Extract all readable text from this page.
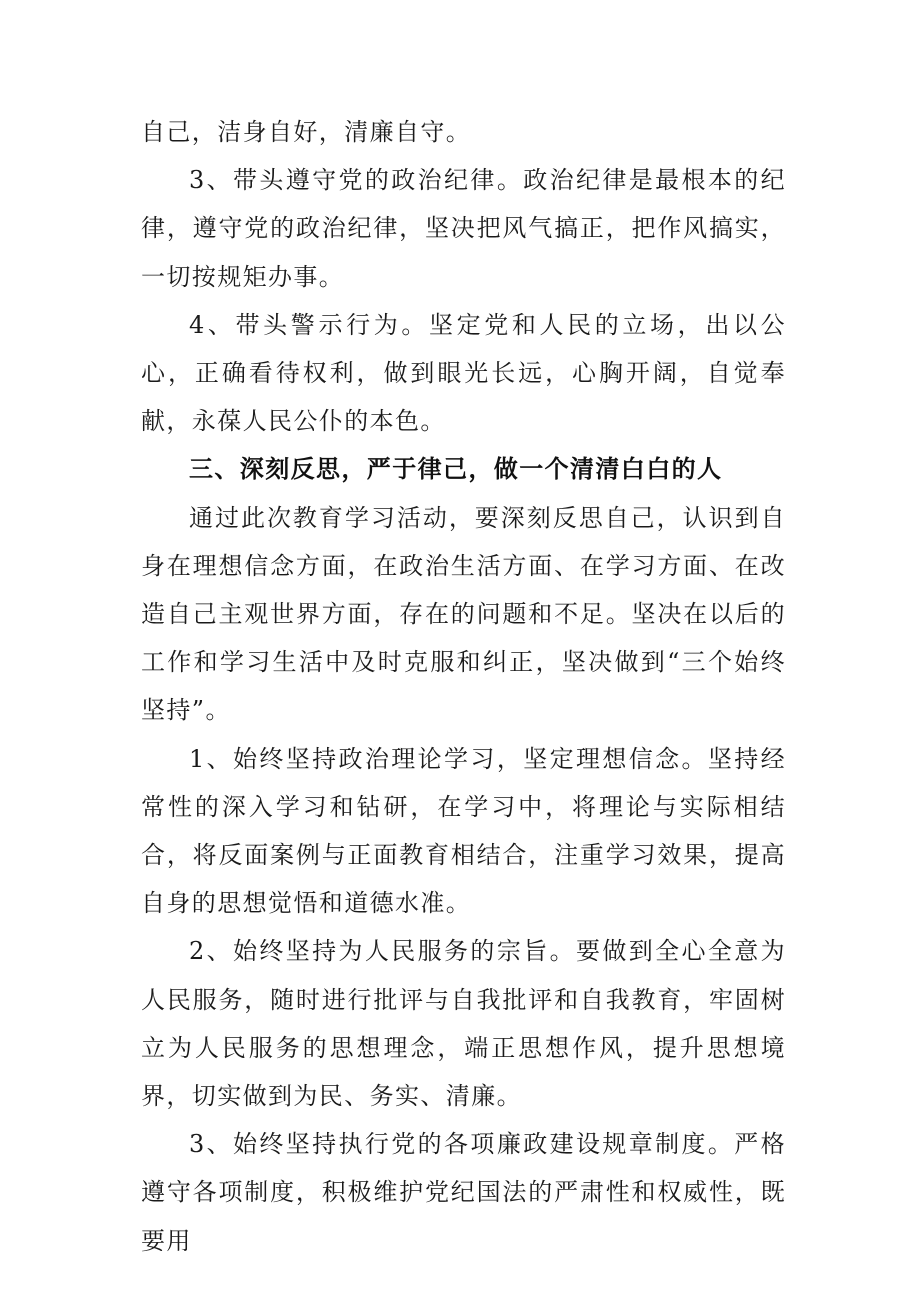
自己，洁身自好，清廉自守。

3、带头遵守党的政治纪律。政治纪律是最根本的纪律，遵守党的政治纪律，坚决把风气搞正，把作风搞实，一切按规矩办事。

4、带头警示行为。坚定党和人民的立场，出以公心，正确看待权利，做到眼光长远，心胸开阔，自觉奉献，永葆人民公仆的本色。

三、深刻反思，严于律己，做一个清清白白的人

通过此次教育学习活动，要深刻反思自己，认识到自身在理想信念方面，在政治生活方面、在学习方面、在改造自己主观世界方面，存在的问题和不足。坚决在以后的工作和学习生活中及时克服和纠正，坚决做到“三个始终坚持”。

1、始终坚持政治理论学习，坚定理想信念。坚持经常性的深入学习和钻研，在学习中，将理论与实际相结合，将反面案例与正面教育相结合，注重学习效果，提高自身的思想觉悟和道德水准。

2、始终坚持为人民服务的宗旨。要做到全心全意为人民服务，随时进行批评与自我批评和自我教育，牢固树立为人民服务的思想理念，端正思想作风，提升思想境界，切实做到为民、务实、清廉。

3、始终坚持执行党的各项廉政建设规章制度。严格遵守各项制度，积极维护党纪国法的严肃性和权威性，既要用
